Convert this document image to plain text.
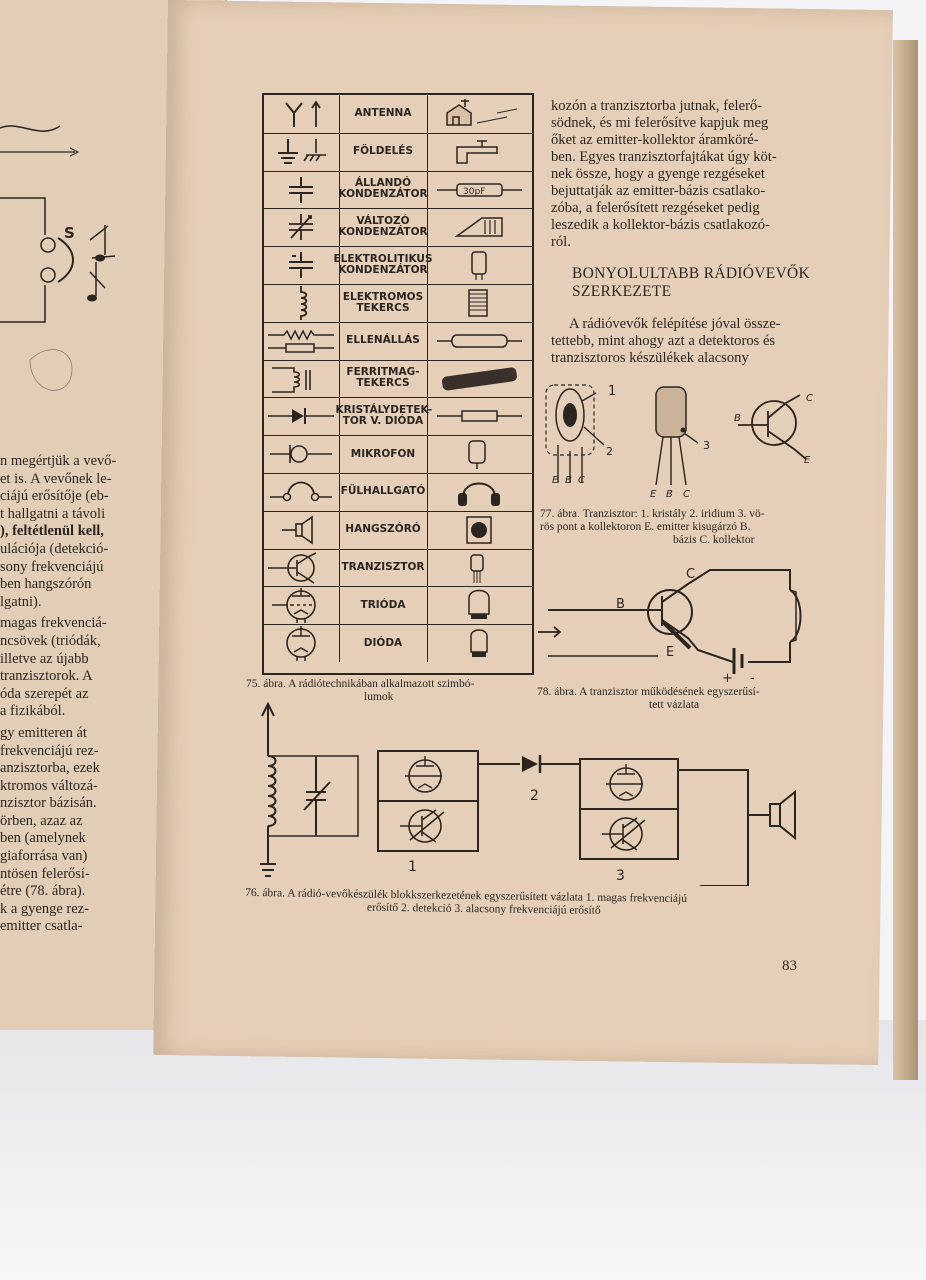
S
n megértjük a vevő-
et is. A vevőnek le-
ciájú erősítője (eb-
t hallgatni a távoli
), feltétlenül kell,
ulációja (detekció-
sony frekvenciájú
ben hangszórón
lgatni).
magas frekvenciá-
ncsövek (triódák,
illetve az újabb
tranzisztorok. A
óda szerepét az
a fizikából.
gy emitteren át
frekvenciájú rez-
anzisztorba, ezek
ktromos változá-
nzisztor bázisán.
örben, azaz az
ben (amelynek
giaforrása van)
ntösen felerősí-
étre (78. ábra).
k a gyenge rez-
emitter csatla-
ANTENNA
FÖLDELÉS
ÁLLANDÓ KONDENZÁTOR	30pF
VÁLTOZÓ KONDENZÁTOR
ELEKTROLITIKUS KONDENZÁTOR
ELEKTROMOS TEKERCS
ELLENÁLLÁS
FERRITMAG-TEKERCS
KRISTÁLYDETEK-TOR V. DIÓDA
MIKROFON
FÜLHALLGATÓ
HANGSZÓRÓ
TRANZISZTOR
TRIÓDA
DIÓDA
75. ábra. A rádiótechnikában alkalmazott szimbó-
lumok
kozón a tranzisztorba jutnak, felerő-
södnek, és mi felerősítve kapjuk meg
őket az emitter-kollektor áramköré-
ben. Egyes tranzisztorfajtákat úgy köt-
nek össze, hogy a gyenge rezgéseket
bejuttatják az emitter-bázis csatlako-
zóba, a felerősített rezgéseket pedig
leszedik a kollektor-bázis csatlakozó-
ról.
BONYOLULTABB RÁDIÓVEVŐK
SZERKEZETE
A rádióvevők felépítése jóval össze-
tettebb, mint ahogy azt a detektoros és
tranzisztoros készülékek alacsony
1
2	3
E B C
E B C
B
C
E
77. ábra. Tranzisztor: 1. kristály 2. iridium 3. vö-
rös pont a kollektoron E. emitter kisugárzó B.
bázis C. kollektor
C
B
E
+ -
78. ábra. A tranzisztor működésének egyszerűsí-
tett vázlata
1
2
3
76. ábra. A rádió-vevőkészülék blokkszerkezetének egyszerűsített vázlata 1. magas frekvenciájú
erősítő 2. detekció 3. alacsony frekvenciájú erősítő
83
